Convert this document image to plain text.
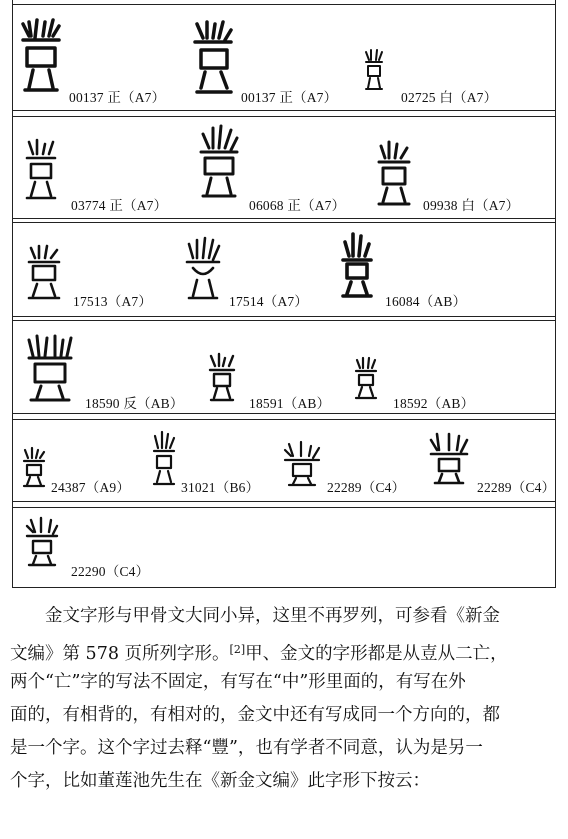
00137 正（A7）	00137 正（A7）	02725 白（A7）
03774 正（A7）	06068 正（A7）	09938 白（A7）
17513（A7）	17514（A7）	16084（AB）
18590 反（AB）	18591（AB）	18592（AB）
24387（A9）	31021（B6）	22289（C4）	22289（C4）
22290（C4）
金文字形与甲骨文大同小异，这里不再罗列，可参看《新金
文编》第 578 页所列字形。[2]甲、金文的字形都是从壴从二亡，
两个“亡”字的写法不固定，有写在“中”形里面的，有写在外
面的，有相背的，有相对的，金文中还有写成同一个方向的，都
是一个字。这个字过去释“豐”，也有学者不同意，认为是另一
个字，比如董莲池先生在《新金文编》此字形下按云：
